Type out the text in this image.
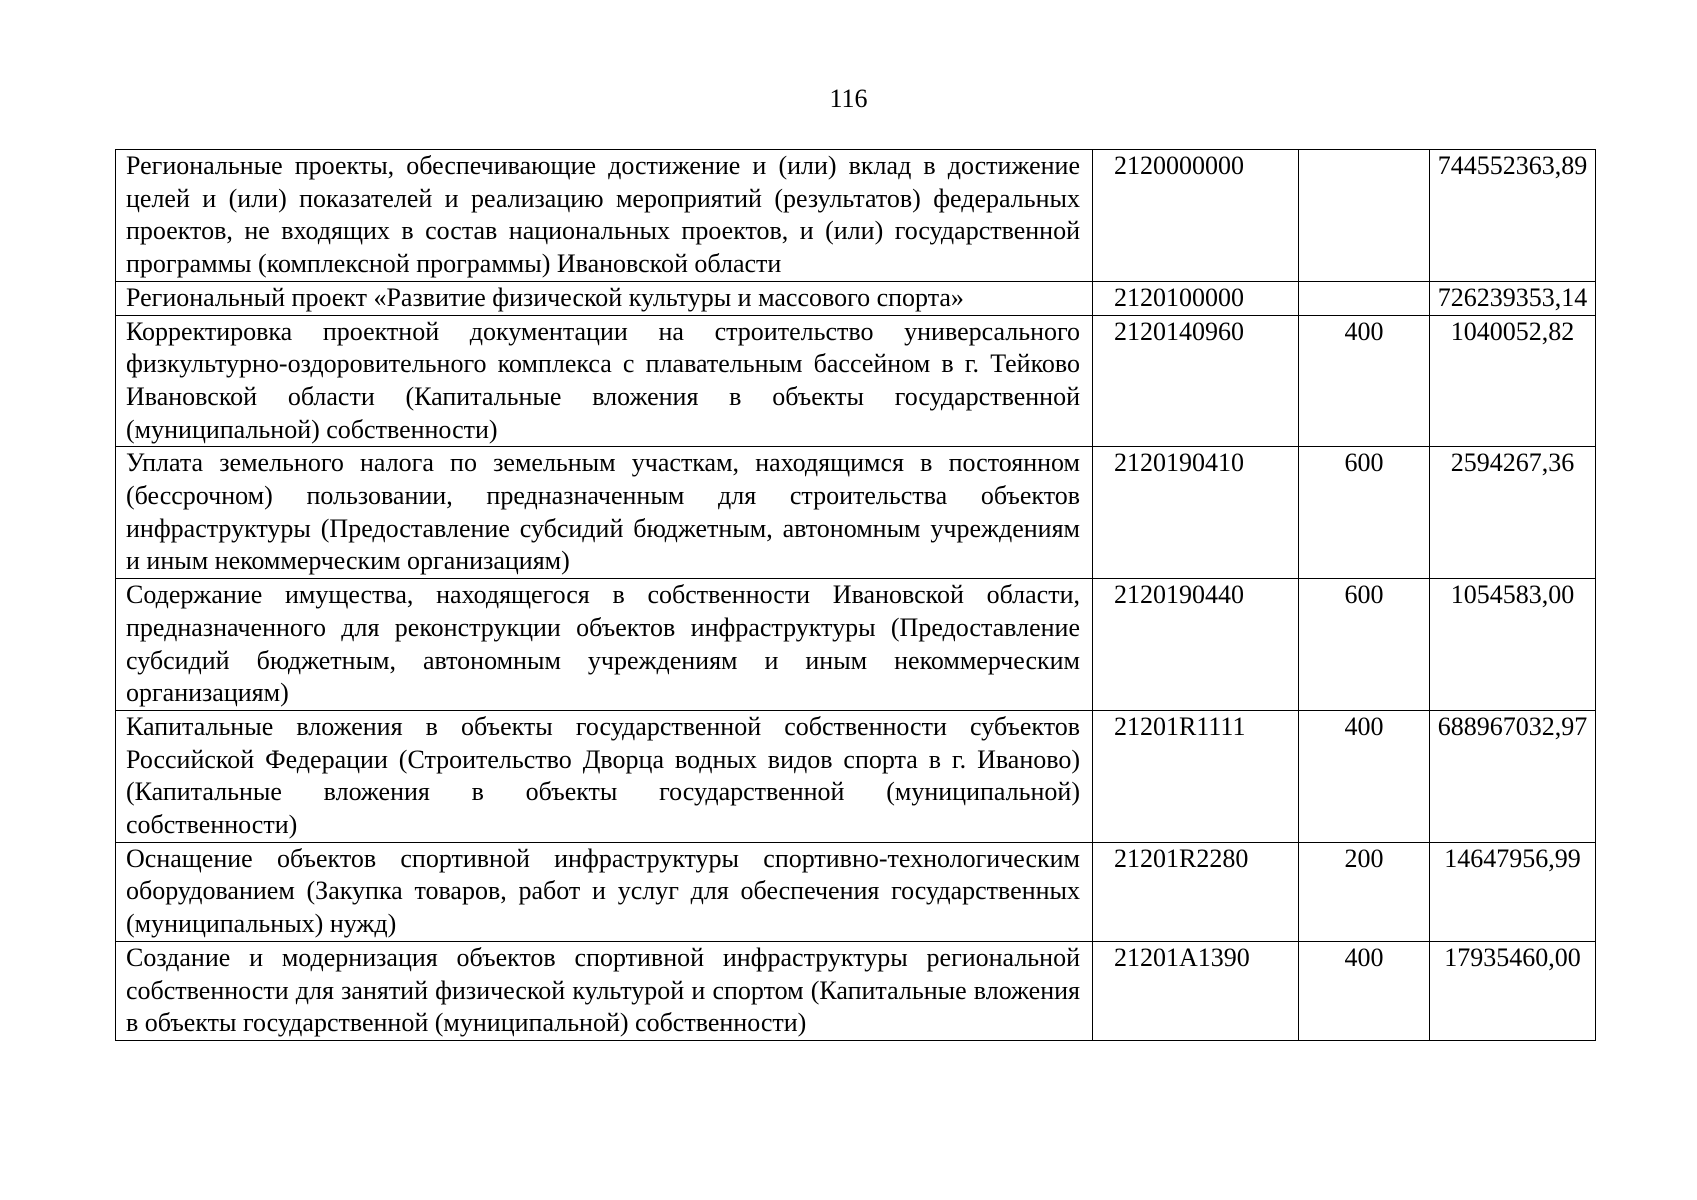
116
Региональные проекты, обеспечивающие достижение и (или) вклад в достижение целей и (или) показателей и реализацию мероприятий (результатов) федеральных проектов, не входящих в состав национальных проектов, и (или) государственной программы (комплексной программы) Ивановской области	2120000000		744552363,89
Региональный проект «Развитие физической культуры и массового спорта»	2120100000		726239353,14
Корректировка проектной документации на строительство универсального физкультурно-оздоровительного комплекса с плавательным бассейном в г. Тейково Ивановской области (Капитальные вложения в объекты государственной (муниципальной) собственности)	2120140960	400	1040052,82
Уплата земельного налога по земельным участкам, находящимся в постоянном (бессрочном) пользовании, предназначенным для строительства объектов инфраструктуры (Предоставление субсидий бюджетным, автономным учреждениям и иным некоммерческим организациям)	2120190410	600	2594267,36
Содержание имущества, находящегося в собственности Ивановской области, предназначенного для реконструкции объектов инфраструктуры (Предоставление субсидий бюджетным, автономным учреждениям и иным некоммерческим организациям)	2120190440	600	1054583,00
Капитальные вложения в объекты государственной собственности субъектов Российской Федерации (Строительство Дворца водных видов спорта в г. Иваново) (Капитальные вложения в объекты государственной (муниципальной) собственности)	21201R1111	400	688967032,97
Оснащение объектов спортивной инфраструктуры спортивно-технологическим оборудованием (Закупка товаров, работ и услуг для обеспечения государственных (муниципальных) нужд)	21201R2280	200	14647956,99
Создание и модернизация объектов спортивной инфраструктуры региональной собственности для занятий физической культурой и спортом (Капитальные вложения в объекты государственной (муниципальной) собственности)	21201A1390	400	17935460,00
